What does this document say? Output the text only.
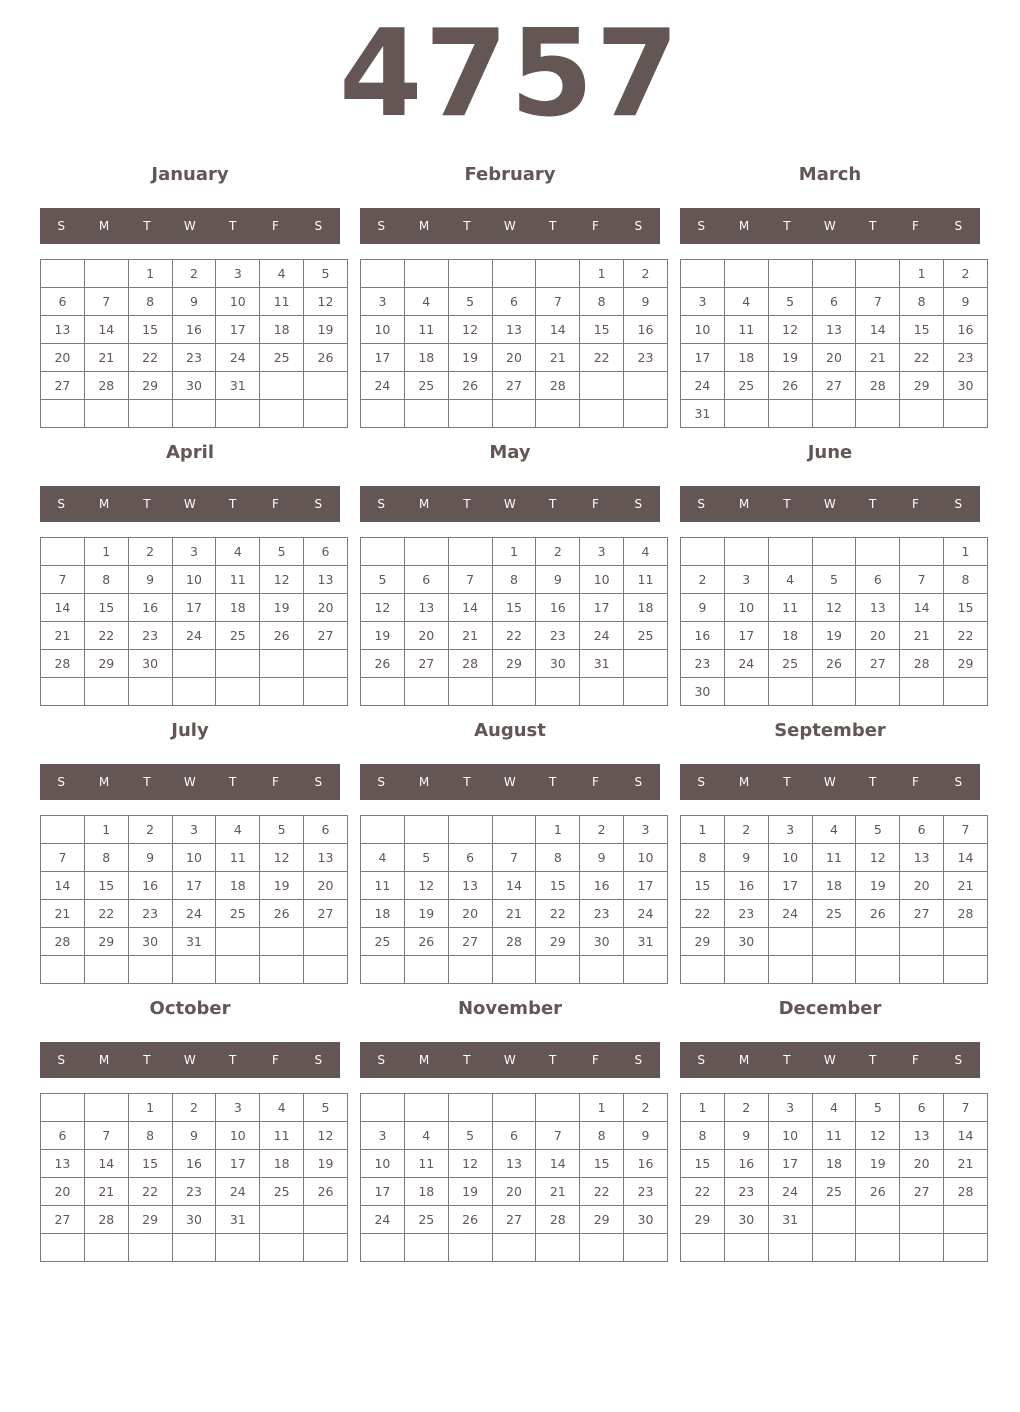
4757
January
S	M	T	W	T	F	S
		1	2	3	4	5
6	7	8	9	10	11	12
13	14	15	16	17	18	19
20	21	22	23	24	25	26
27	28	29	30	31		

February
S	M	T	W	T	F	S
					1	2
3	4	5	6	7	8	9
10	11	12	13	14	15	16
17	18	19	20	21	22	23
24	25	26	27	28		

March
S	M	T	W	T	F	S
					1	2
3	4	5	6	7	8	9
10	11	12	13	14	15	16
17	18	19	20	21	22	23
24	25	26	27	28	29	30
31						
April
S	M	T	W	T	F	S
	1	2	3	4	5	6
7	8	9	10	11	12	13
14	15	16	17	18	19	20
21	22	23	24	25	26	27
28	29	30				

May
S	M	T	W	T	F	S
			1	2	3	4
5	6	7	8	9	10	11
12	13	14	15	16	17	18
19	20	21	22	23	24	25
26	27	28	29	30	31	

June
S	M	T	W	T	F	S
						1
2	3	4	5	6	7	8
9	10	11	12	13	14	15
16	17	18	19	20	21	22
23	24	25	26	27	28	29
30						
July
S	M	T	W	T	F	S
	1	2	3	4	5	6
7	8	9	10	11	12	13
14	15	16	17	18	19	20
21	22	23	24	25	26	27
28	29	30	31			

August
S	M	T	W	T	F	S
				1	2	3
4	5	6	7	8	9	10
11	12	13	14	15	16	17
18	19	20	21	22	23	24
25	26	27	28	29	30	31

September
S	M	T	W	T	F	S
1	2	3	4	5	6	7
8	9	10	11	12	13	14
15	16	17	18	19	20	21
22	23	24	25	26	27	28
29	30					

October
S	M	T	W	T	F	S
		1	2	3	4	5
6	7	8	9	10	11	12
13	14	15	16	17	18	19
20	21	22	23	24	25	26
27	28	29	30	31		

November
S	M	T	W	T	F	S
					1	2
3	4	5	6	7	8	9
10	11	12	13	14	15	16
17	18	19	20	21	22	23
24	25	26	27	28	29	30

December
S	M	T	W	T	F	S
1	2	3	4	5	6	7
8	9	10	11	12	13	14
15	16	17	18	19	20	21
22	23	24	25	26	27	28
29	30	31				
